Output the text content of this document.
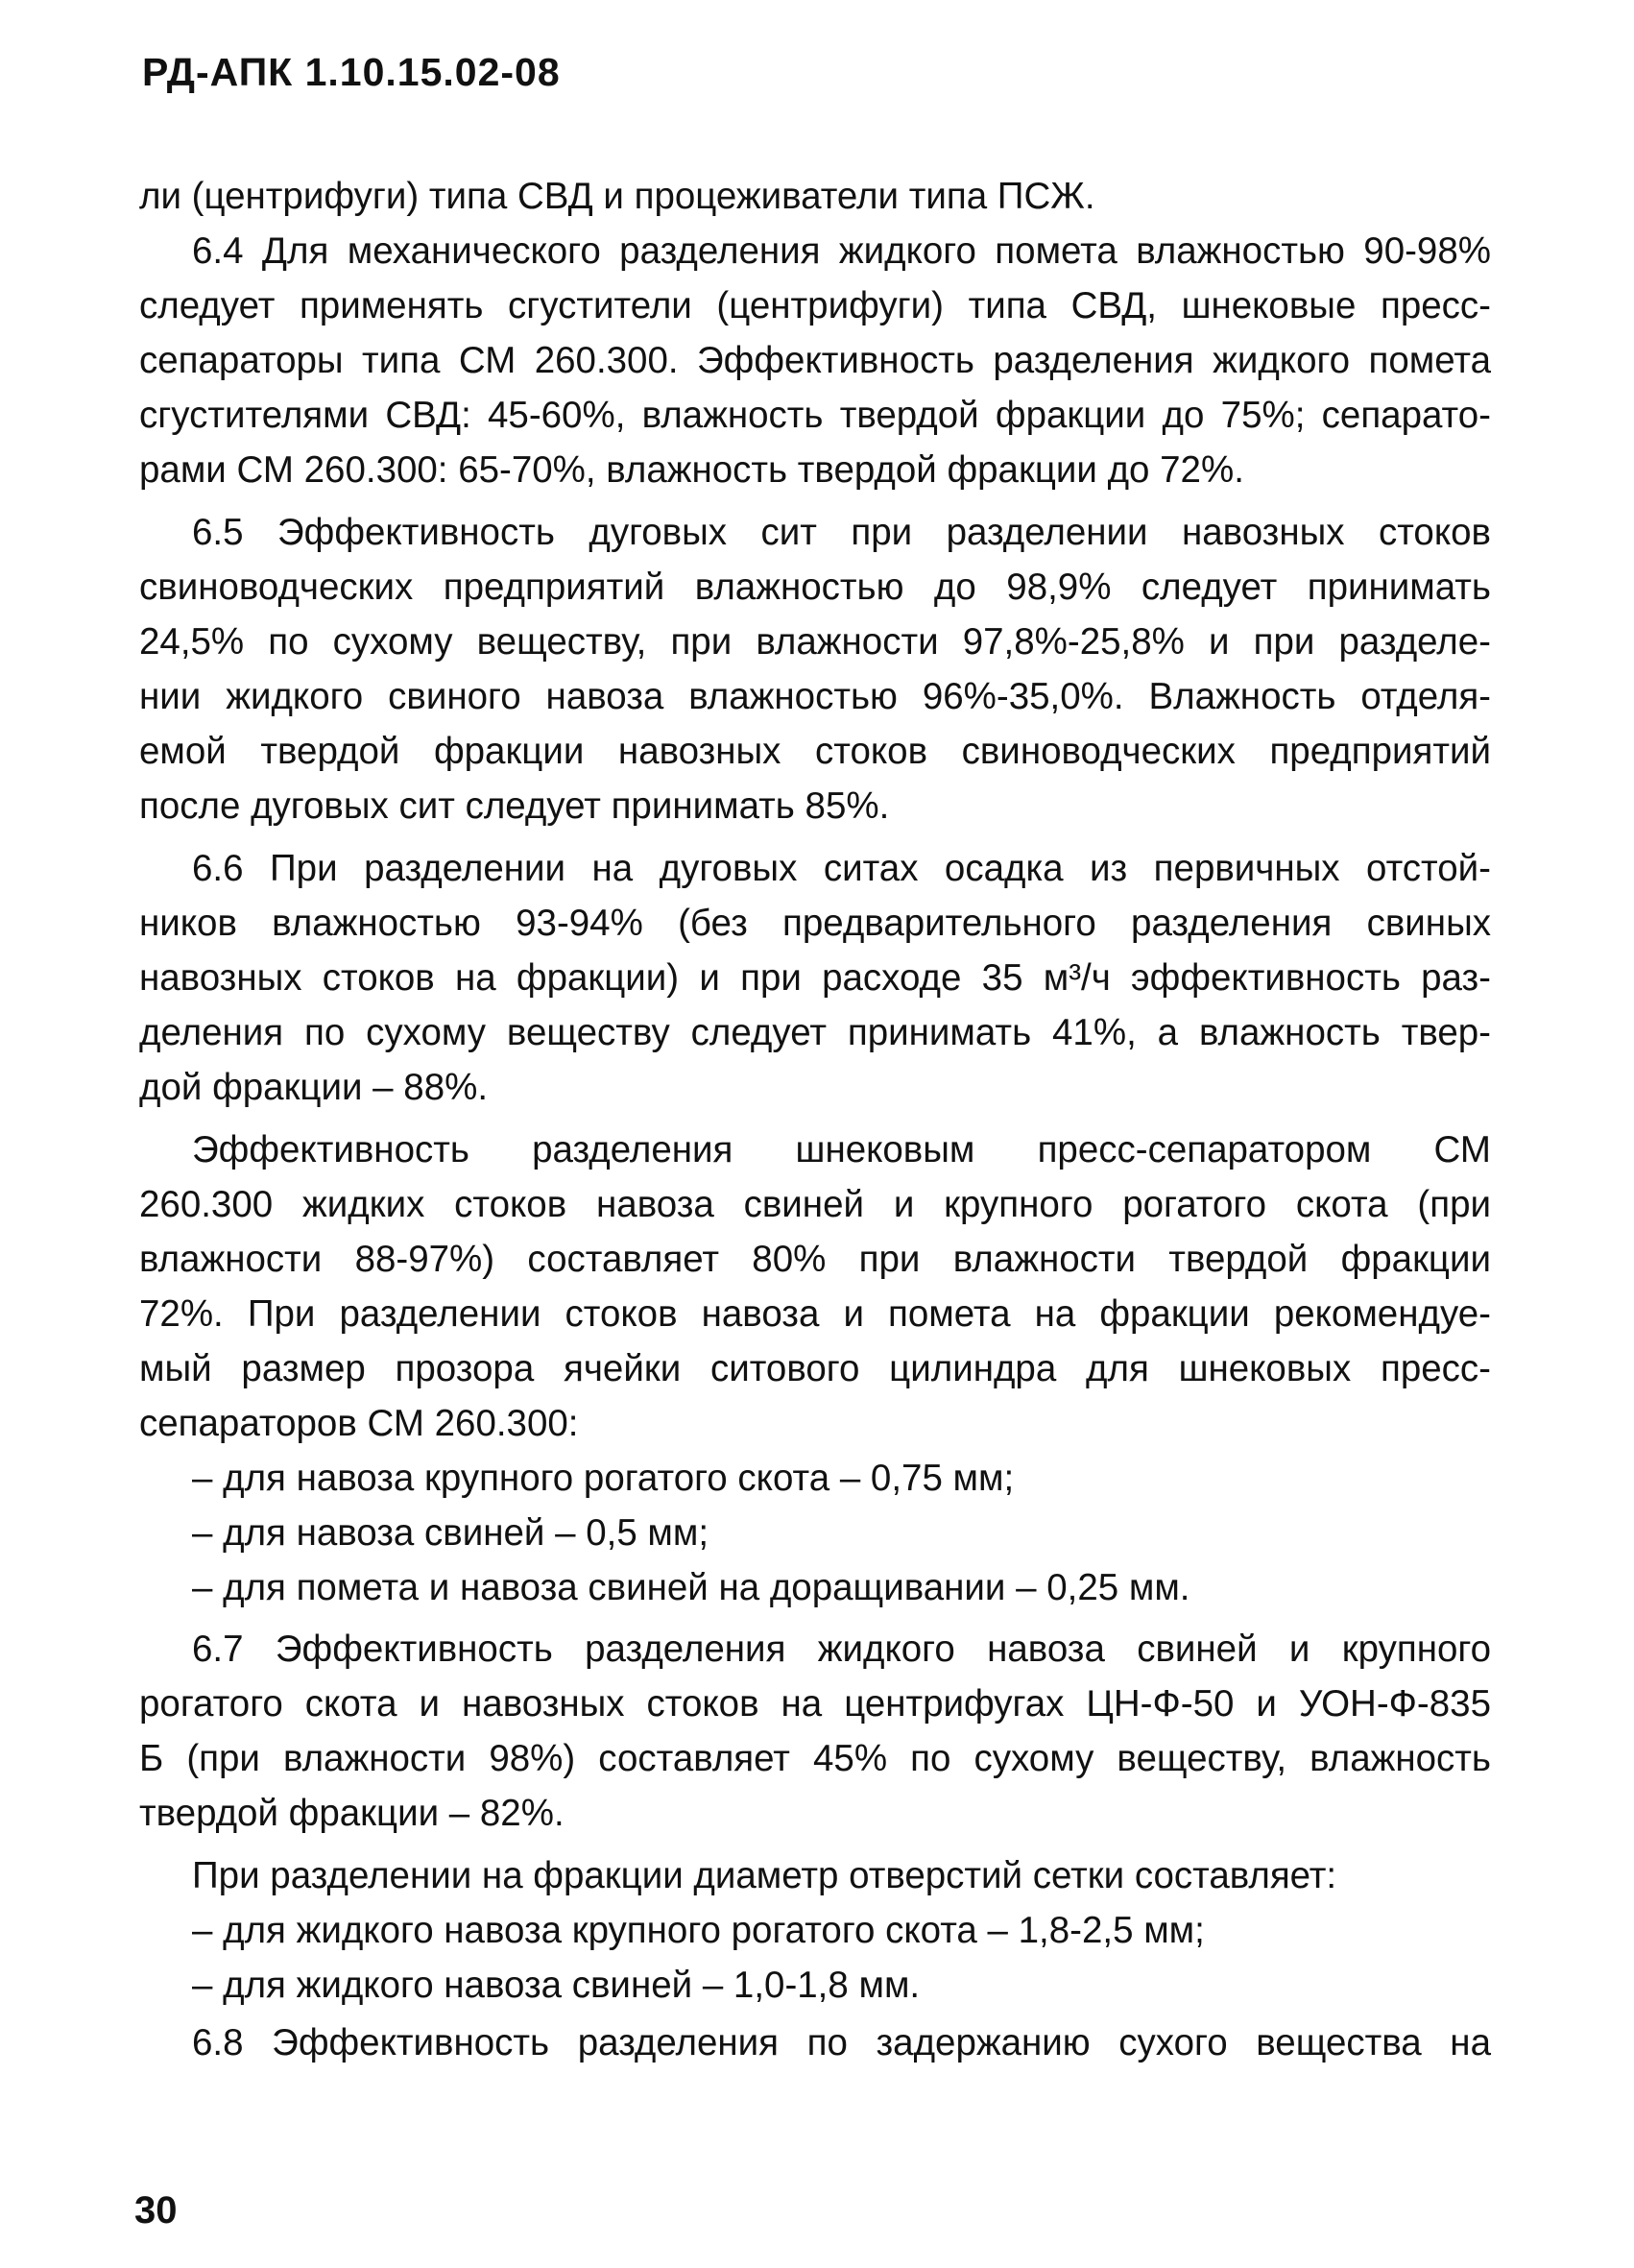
РД-АПК 1.10.15.02-08
ли (центрифуги) типа СВД и процеживатели типа ПСЖ.
6.4 Для механического разделения жидкого помета влажностью 90-98%
следует применять сгустители (центрифуги) типа СВД, шнековые пресс-
сепараторы типа СМ 260.300. Эффективность разделения жидкого помета
сгустителями СВД: 45-60%, влажность твердой фракции до 75%; сепарато-
рами СМ 260.300: 65-70%, влажность твердой фракции до 72%.
6.5 Эффективность дуговых сит при разделении навозных стоков
свиноводческих предприятий влажностью до 98,9% следует принимать
24,5% по сухому веществу, при влажности 97,8%-25,8% и при разделе-
нии жидкого свиного навоза влажностью 96%-35,0%. Влажность отделя-
емой твердой фракции навозных стоков свиноводческих предприятий
после дуговых сит следует принимать 85%.
6.6 При разделении на дуговых ситах осадка из первичных отстой-
ников влажностью 93-94% (без предварительного разделения свиных
навозных стоков на фракции) и при расходе 35 м³/ч эффективность раз-
деления по сухому веществу следует принимать 41%, а влажность твер-
дой фракции – 88%.
Эффективность разделения шнековым пресс-сепаратором СМ
260.300 жидких стоков навоза свиней и крупного рогатого скота (при
влажности 88-97%) составляет 80% при влажности твердой фракции
72%. При разделении стоков навоза и помета на фракции рекомендуе-
мый размер прозора ячейки ситового цилиндра для шнековых пресс-
сепараторов СМ 260.300:
– для навоза крупного рогатого скота – 0,75 мм;
– для навоза свиней – 0,5 мм;
– для помета и навоза свиней на доращивании – 0,25 мм.
6.7 Эффективность разделения жидкого навоза свиней и крупного
рогатого скота и навозных стоков на центрифугах ЦН-Ф-50 и УОН-Ф-835
Б (при влажности 98%) составляет 45% по сухому веществу, влажность
твердой фракции – 82%.
При разделении на фракции диаметр отверстий сетки составляет:
– для жидкого навоза крупного рогатого скота – 1,8-2,5 мм;
– для жидкого навоза свиней – 1,0-1,8 мм.
6.8 Эффективность разделения по задержанию сухого вещества на
30
